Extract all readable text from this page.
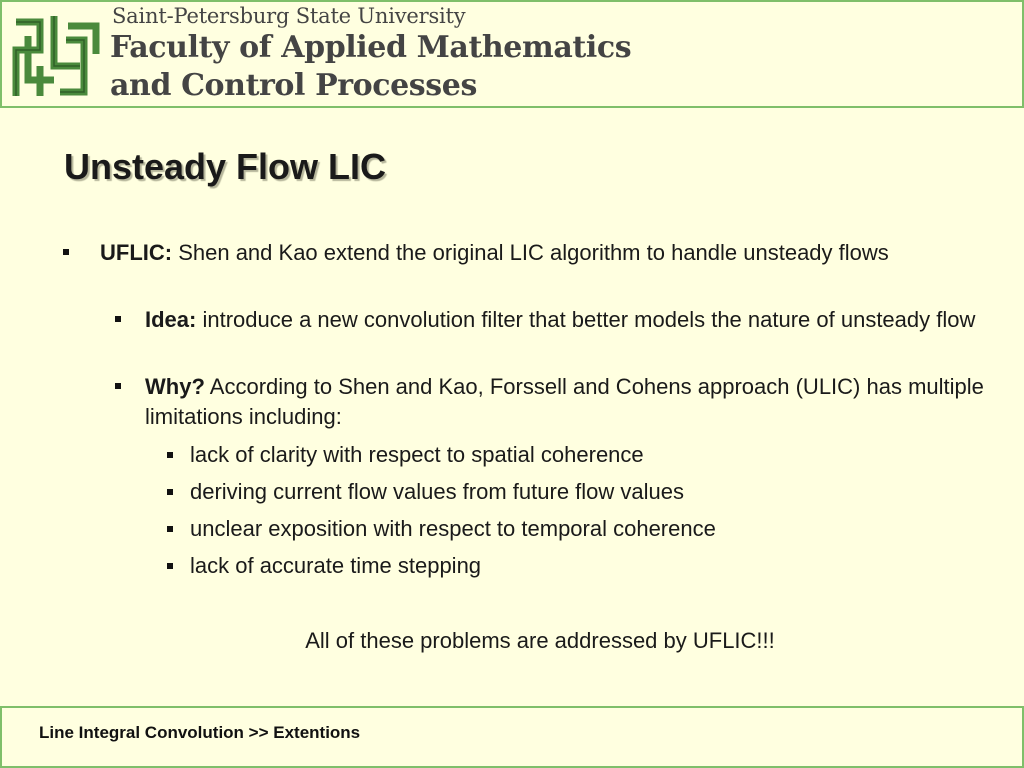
Saint-Petersburg State University
Faculty of Applied Mathematics
and Control Processes
Unsteady Flow LIC
UFLIC: Shen and Kao extend the original LIC algorithm to handle unsteady flows
Idea: introduce a new convolution filter that better models the nature of unsteady flow
Why? According to Shen and Kao, Forssell and Cohens approach (ULIC) has multiple limitations including:
lack of clarity with respect to spatial coherence
deriving current flow values from future flow values
unclear exposition with respect to temporal coherence
lack of accurate time stepping
All of these problems are addressed by UFLIC!!!
Line Integral Convolution >> Extentions
